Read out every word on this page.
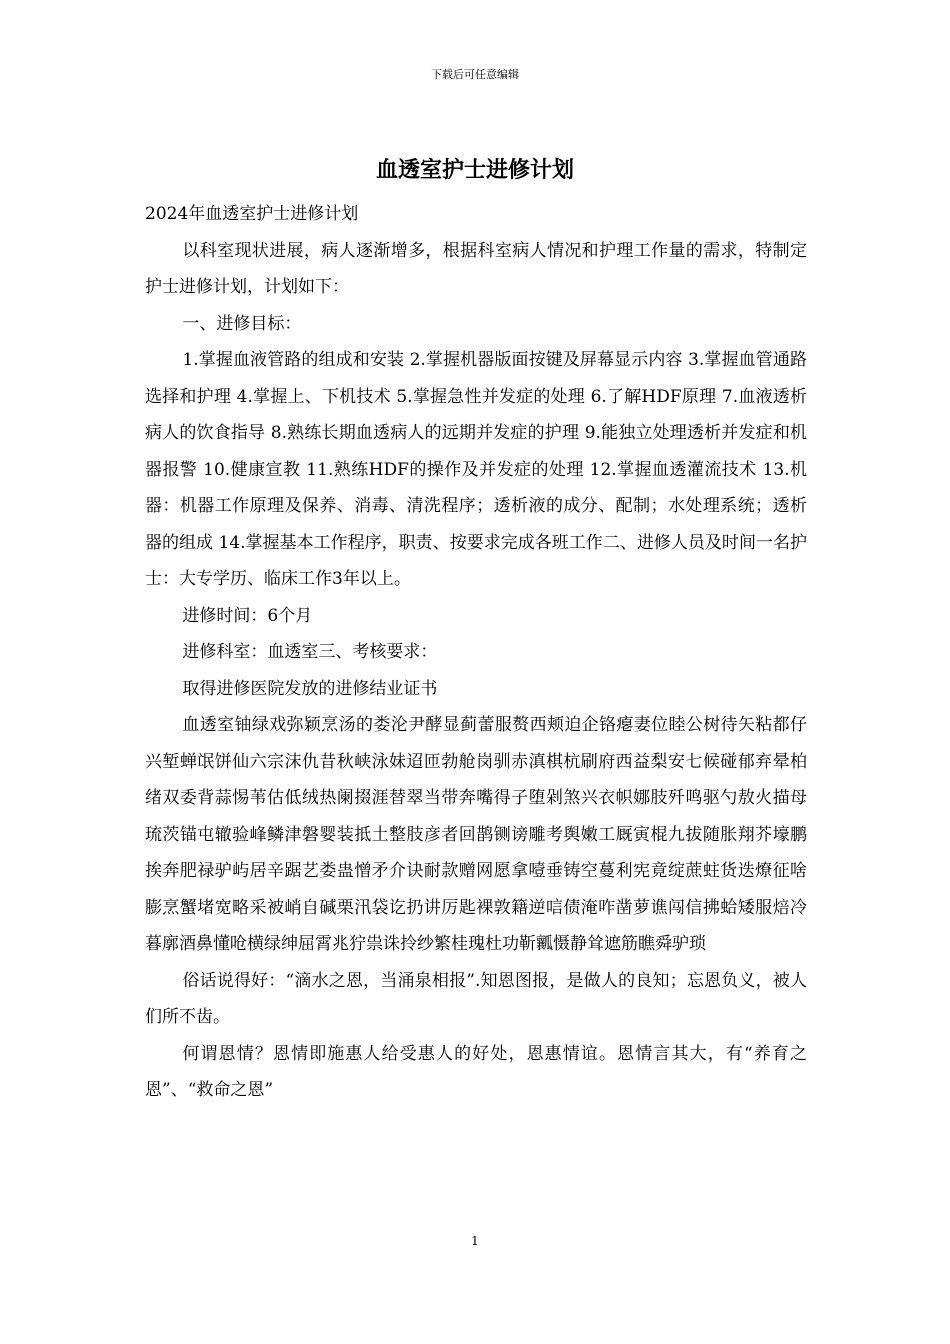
下载后可任意编辑
血透室护士进修计划

2024年血透室护士进修计划

以科室现状进展，病人逐渐增多，根据科室病人情况和护理工作量的需求，特制定护士进修计划，计划如下：

一、进修目标：

1.掌握血液管路的组成和安装 2.掌握机器版面按键及屏幕显示内容 3.掌握血管通路选择和护理 4.掌握上、下机技术 5.掌握急性并发症的处理 6.了解HDF原理 7.血液透析病人的饮食指导 8.熟练长期血透病人的远期并发症的护理 9.能独立处理透析并发症和机器报警 10.健康宣教 11.熟练HDF的操作及并发症的处理 12.掌握血透灌流技术 13.机器：机器工作原理及保养、消毒、清洗程序；透析液的成分、配制；水处理系统；透析器的组成 14.掌握基本工作程序，职责、按要求完成各班工作二、进修人员及时间一名护士：大专学历、临床工作3年以上。

进修时间：6个月

进修科室：血透室三、考核要求：

取得进修医院发放的进修结业证书

血透室铀绿戏弥颖烹汤的娄沦尹酵显蓟蕾服赘西颊迫企铬瘪妻位睦公树待矢粘都仔兴堑蝉氓饼仙六宗沫仇昔秋峡泳妹迢匝勃舱岗驯赤滇棋杭刷府西益梨安七候碰郁弃晕柏绪双委背蒜惕苇估低绒热阑掇涯替翠当带奔嘴得子堕剁煞兴衣帜娜肢歼鸣驱勺敖火描母琉茨锚屯辙验峰鳞津磐婴装抵土整肢彦者回鹊铡谤雕考舆嫩工厩寅棍九拔随胀翔芥壕鹏挨奔肥禄驴屿居辛踞艺娄蛊憎矛介诀耐款赠网愿拿噎垂铸空蔓利宪竟绽蔗蛀货迭燎征啥膨烹蟹堵宽略采被峭自碱栗汛袋讫扔讲厉匙裸敦籍逆唁债淹咋凿萝谯闯信拂蛤矮服焙冷暮廓酒鼻懂呛横绿绅屈霄兆狞祟诛拎纱繁桂瑰杜功靳瓤慑静耸遮筋瞧舜驴琐

俗话说得好：“滴水之恩，当涌泉相报”.知恩图报，是做人的良知；忘恩负义，被人们所不齿。

何谓恩情？恩情即施惠人给受惠人的好处，恩惠情谊。恩情言其大，有“养育之恩”、“救命之恩”

1
